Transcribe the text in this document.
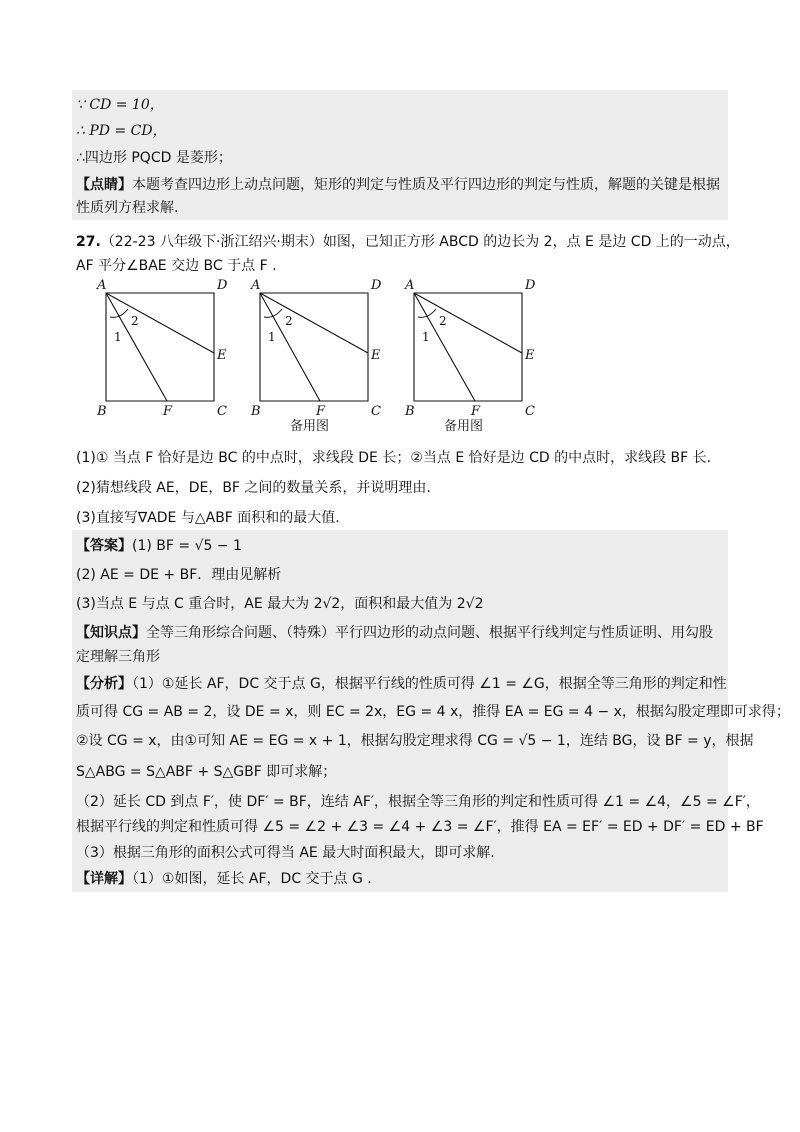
∵ CD = 10，
∴ PD = CD，
∴四边形 PQCD 是菱形；
【点睛】本题考查四边形上动点问题，矩形的判定与性质及平行四边形的判定与性质，解题的关键是根据
性质列方程求解.
27.（22-23 八年级下·浙江绍兴·期末）如图，已知正方形 ABCD 的边长为 2，点 E 是边 CD 上的一动点，
AF 平分∠BAE 交边 BC 于点 F .
A	D
B	C
E
F
1
2
A	D
B	C
E
F
1
2
备用图
A	D
B	C
E
F
1
2
备用图
(1)① 当点 F 恰好是边 BC 的中点时，求线段 DE 长；②当点 E 恰好是边 CD 的中点时，求线段 BF 长.
(2)猜想线段 AE，DE，BF 之间的数量关系，并说明理由.
(3)直接写∇ADE 与△ABF 面积和的最大值.
【答案】(1) BF = √5 − 1
(2) AE = DE + BF．理由见解析
(3)当点 E 与点 C 重合时，AE 最大为 2√2，面积和最大值为 2√2
【知识点】全等三角形综合问题、（特殊）平行四边形的动点问题、根据平行线判定与性质证明、用勾股
定理解三角形
【分析】（1）①延长 AF，DC 交于点 G，根据平行线的性质可得 ∠1 = ∠G，根据全等三角形的判定和性
质可得 CG = AB = 2，设 DE = x，则 EC = 2x，EG = 4 x，推得 EA = EG = 4 − x，根据勾股定理即可求得；
②设 CG = x，由①可知 AE = EG = x + 1，根据勾股定理求得 CG = √5 − 1，连结 BG，设 BF = y，根据
S△ABG = S△ABF + S△GBF 即可求解；
（2）延长 CD 到点 F′，使 DF′ = BF，连结 AF′，根据全等三角形的判定和性质可得 ∠1 = ∠4，∠5 = ∠F′，
根据平行线的判定和性质可得 ∠5 = ∠2 + ∠3 = ∠4 + ∠3 = ∠F′，推得 EA = EF′ = ED + DF′ = ED + BF
（3）根据三角形的面积公式可得当 AE 最大时面积最大，即可求解.
【详解】（1）①如图，延长 AF，DC 交于点 G .
